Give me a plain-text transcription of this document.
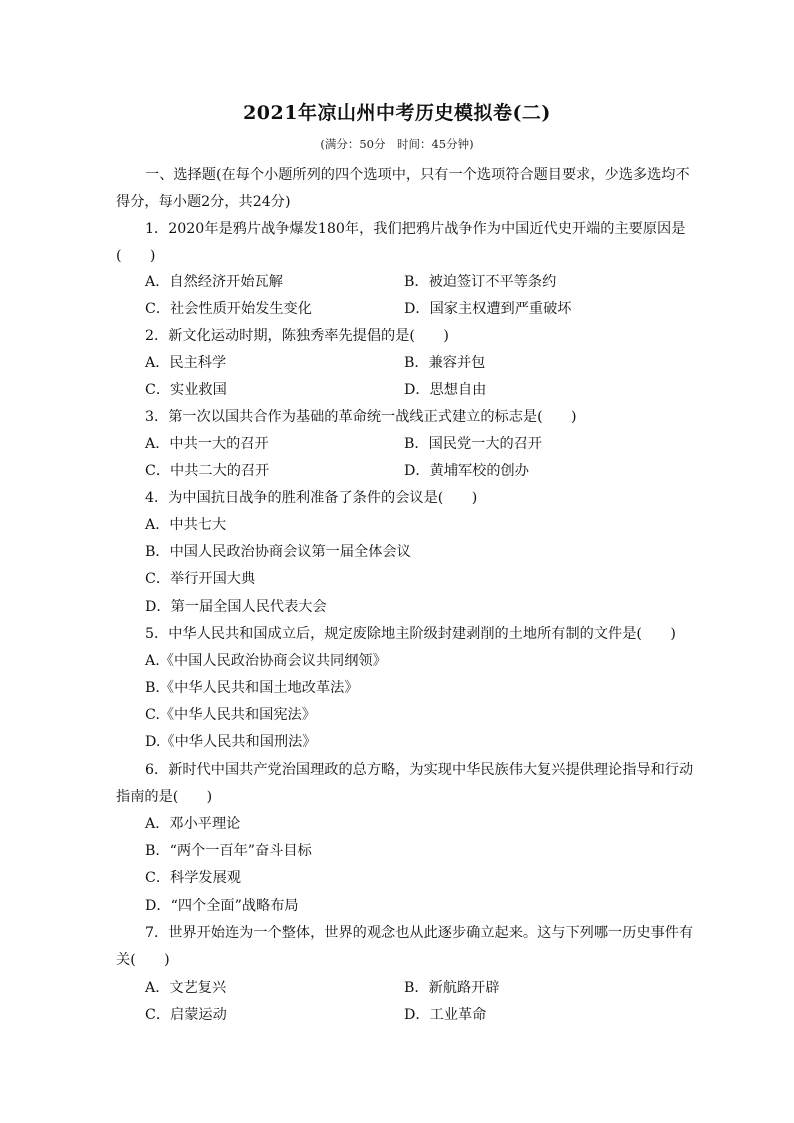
2021年凉山州中考历史模拟卷(二)
(满分：50分　时间：45分钟)
一、选择题(在每个小题所列的四个选项中，只有一个选项符合题目要求，少选多选均不
得分，每小题2分，共24分)
1．2020年是鸦片战争爆发180年，我们把鸦片战争作为中国近代史开端的主要原因是
(　　)
A．自然经济开始瓦解	B．被迫签订不平等条约
C．社会性质开始发生变化	D．国家主权遭到严重破坏
2．新文化运动时期，陈独秀率先提倡的是(　　)
A．民主科学	B．兼容并包
C．实业救国	D．思想自由
3．第一次以国共合作为基础的革命统一战线正式建立的标志是(　　)
A．中共一大的召开	B．国民党一大的召开
C．中共二大的召开	D．黄埔军校的创办
4．为中国抗日战争的胜利准备了条件的会议是(　　)
A．中共七大
B．中国人民政治协商会议第一届全体会议
C．举行开国大典
D．第一届全国人民代表大会
5．中华人民共和国成立后，规定废除地主阶级封建剥削的土地所有制的文件是(　　)
A.《中国人民政治协商会议共同纲领》
B.《中华人民共和国土地改革法》
C.《中华人民共和国宪法》
D.《中华人民共和国刑法》
6．新时代中国共产党治国理政的总方略，为实现中华民族伟大复兴提供理论指导和行动
指南的是(　　)
A．邓小平理论
B．“两个一百年”奋斗目标
C．科学发展观
D．“四个全面”战略布局
7．世界开始连为一个整体，世界的观念也从此逐步确立起来。这与下列哪一历史事件有
关(　　)
A．文艺复兴	B．新航路开辟
C．启蒙运动	D．工业革命
